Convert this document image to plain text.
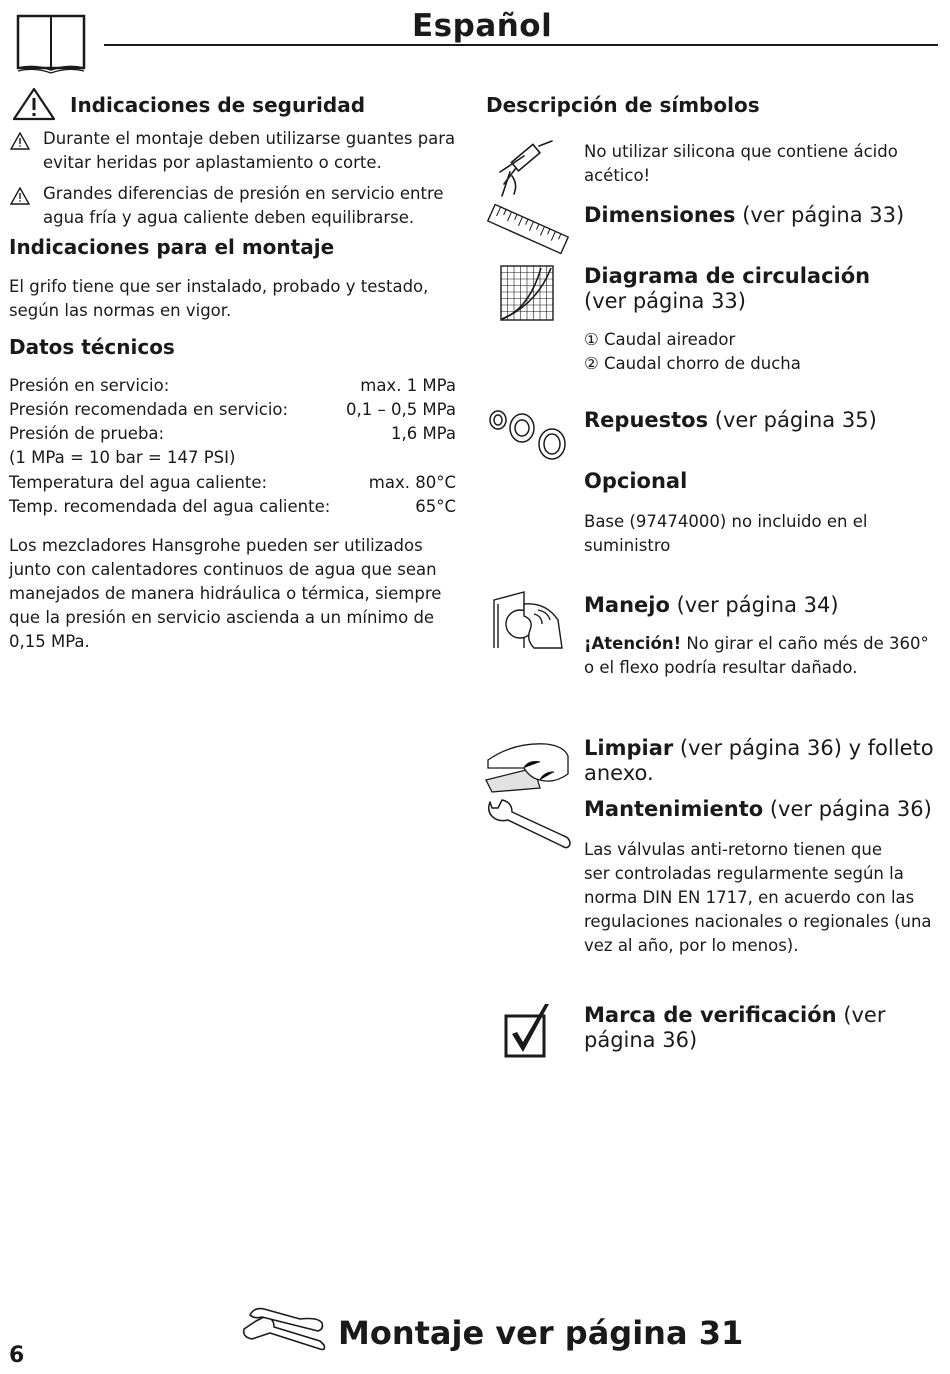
Español
Indicaciones de seguridad
Durante el montaje deben utilizarse guantes para
evitar heridas por aplastamiento o corte.
Grandes diferencias de presión en servicio entre
agua fría y agua caliente deben equilibrarse.
Indicaciones para el montaje
El grifo tiene que ser instalado, probado y testado,
según las normas en vigor.
Datos técnicos
Presión en servicio:	max. 1 MPa
Presión recomendada en servicio:	0,1 – 0,5 MPa
Presión de prueba:	1,6 MPa
(1 MPa = 10 bar = 147 PSI)
Temperatura del agua caliente:	max. 80°C
Temp. recomendada del agua caliente:	65°C
Los mezcladores Hansgrohe pueden ser utilizados
junto con calentadores continuos de agua que sean
manejados de manera hidráulica o térmica, siempre
que la presión en servicio ascienda a un mínimo de
0,15 MPa.
Descripción de símbolos
No utilizar silicona que contiene ácido
acético!
Dimensiones (ver página 33)
Diagrama de circulación
(ver página 33)
① Caudal aireador
② Caudal chorro de ducha
Repuestos (ver página 35)
Opcional
Base (97474000) no incluido en el
suministro
Manejo (ver página 34)
¡Atención! No girar el caño més de 360°
o el flexo podría resultar dañado.
Limpiar (ver página 36) y folleto
anexo.
Mantenimiento (ver página 36)
Las válvulas anti-retorno tienen que
ser controladas regularmente según la
norma DIN EN 1717, en acuerdo con las
regulaciones nacionales o regionales (una
vez al año, por lo menos).
Marca de verificación (ver
página 36)
Montaje ver página 31
6
